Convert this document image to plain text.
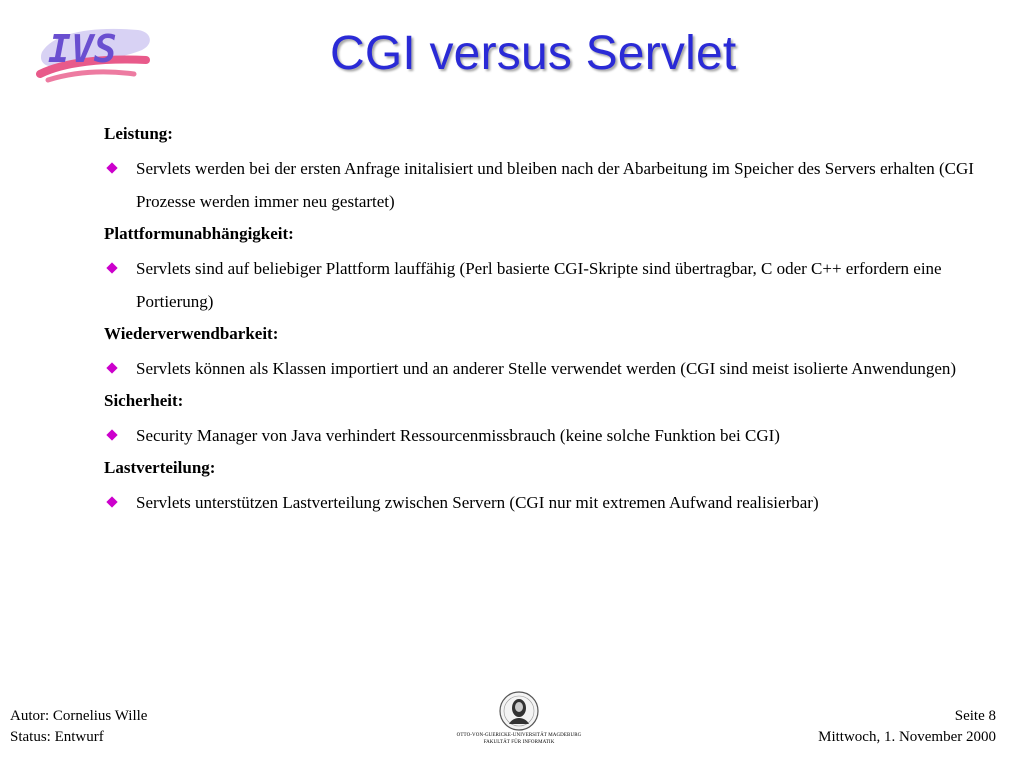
IVS	CGI versus Servlet

Leistung:

Servlets werden bei der ersten Anfrage initalisiert und bleiben nach der Abarbeitung im Speicher des Servers erhalten (CGI Prozesse werden immer neu gestartet)

Plattformunabhängigkeit:

Servlets sind auf beliebiger Plattform lauffähig (Perl basierte CGI-Skripte sind übertragbar, C oder C++ erfordern eine Portierung)

Wiederverwendbarkeit:

Servlets können als Klassen importiert und an anderer Stelle verwendet werden (CGI sind meist isolierte Anwendungen)

Sicherheit:

Security Manager von Java verhindert Ressourcenmissbrauch (keine solche Funktion bei CGI)

Lastverteilung:

Servlets unterstützen Lastverteilung zwischen Servern (CGI nur mit extremen Aufwand realisierbar)
Autor: Cornelius Wille
Status: Entwurf	OTTO-VON-GUERICKE-UNIVERSITÄT MAGDEBURG
FAKULTÄT FÜR INFORMATIK
Seite 8
Mittwoch, 1. November 2000
